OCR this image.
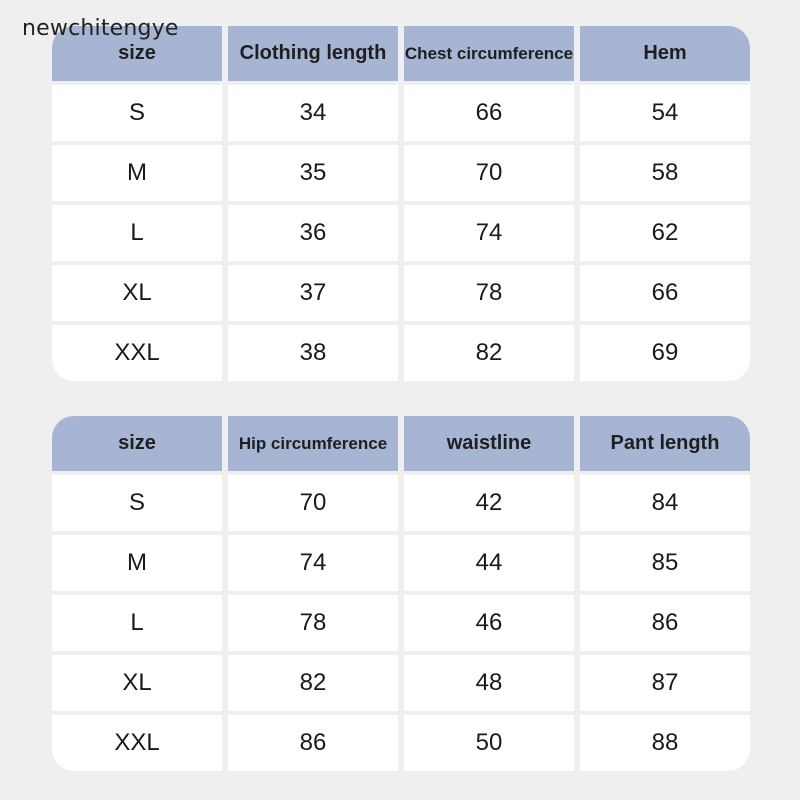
newchitengye
size	Clothing length	Chest circumference	Hem
S	34	66	54
M	35	70	58
L	36	74	62
XL	37	78	66
XXL	38	82	69
size	Hip circumference	waistline	Pant length
S	70	42	84
M	74	44	85
L	78	46	86
XL	82	48	87
XXL	86	50	88
